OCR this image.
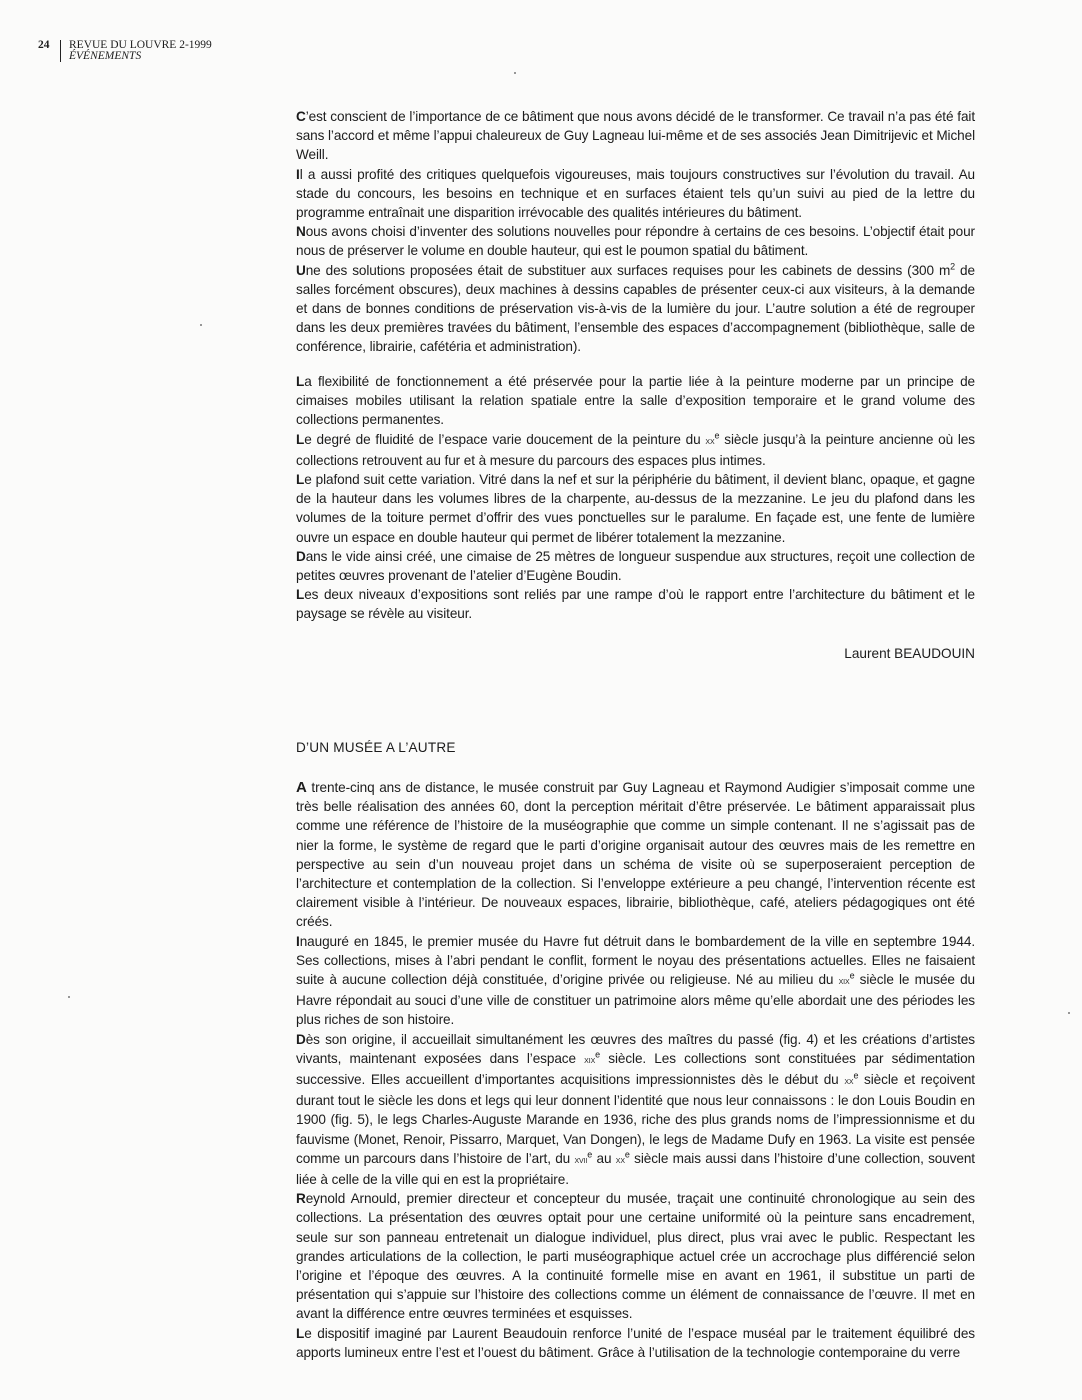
24 REVUE DU LOUVRE 2-1999
ÉVÉNEMENTS

C’est conscient de l’importance de ce bâtiment que nous avons décidé de le transformer. Ce travail n’a pas été fait sans l’accord et même l’appui chaleureux de Guy Lagneau lui-même et de ses associés Jean Dimitrijevic et Michel Weill.

Il a aussi profité des critiques quelquefois vigoureuses, mais toujours constructives sur l’évolution du travail. Au stade du concours, les besoins en technique et en surfaces étaient tels qu’un suivi au pied de la lettre du programme entraînait une disparition irrévocable des qualités intérieures du bâtiment.

Nous avons choisi d’inventer des solutions nouvelles pour répondre à certains de ces besoins. L’objectif était pour nous de préserver le volume en double hauteur, qui est le poumon spatial du bâtiment.

Une des solutions proposées était de substituer aux surfaces requises pour les cabinets de dessins (300 $m^2$ de salles forcément obscures), deux machines à dessins capables de présenter ceux-ci aux visiteurs, à la demande et dans de bonnes conditions de préservation vis-à-vis de la lumière du jour. L’autre solution a été de regrouper dans les deux premières travées du bâtiment, l’ensemble des espaces d’accompagnement (bibliothèque, salle de conférence, librairie, cafétéria et administration).

La flexibilité de fonctionnement a été préservée pour la partie liée à la peinture moderne par un principe de cimaises mobiles utilisant la relation spatiale entre la salle d’exposition temporaire et le grand volume des collections permanentes.

Le degré de fluidité de l’espace varie doucement de la peinture du $xx^e$ siècle jusqu’à la peinture ancienne où les collections retrouvent au fur et à mesure du parcours des espaces plus intimes.

Le plafond suit cette variation. Vitré dans la nef et sur la périphérie du bâtiment, il devient blanc, opaque, et gagne de la hauteur dans les volumes libres de la charpente, au-dessus de la mezzanine. Le jeu du plafond dans les volumes de la toiture permet d’offrir des vues ponctuelles sur le paralume. En façade est, une fente de lumière ouvre un espace en double hauteur qui permet de libérer totalement la mezzanine.

Dans le vide ainsi créé, une cimaise de 25 mètres de longueur suspendue aux structures, reçoit une collection de petites œuvres provenant de l’atelier d’Eugène Boudin.

Les deux niveaux d’expositions sont reliés par une rampe d’où le rapport entre l’architecture du bâtiment et le paysage se révèle au visiteur.

Laurent BEAUDOUIN
D’UN MUSÉE A L’AUTRE

A trente-cinq ans de distance, le musée construit par Guy Lagneau et Raymond Audigier s’imposait comme une très belle réalisation des années 60, dont la perception méritait d’être préservée. Le bâtiment apparaissait plus comme une référence de l’histoire de la muséographie que comme un simple contenant. Il ne s’agissait pas de nier la forme, le système de regard que le parti d’origine organisait autour des œuvres mais de les remettre en perspective au sein d’un nouveau projet dans un schéma de visite où se superposeraient perception de l’architecture et contemplation de la collection. Si l’enveloppe extérieure a peu changé, l’intervention récente est clairement visible à l’intérieur. De nouveaux espaces, librairie, bibliothèque, café, ateliers pédagogiques ont été créés.

Inauguré en 1845, le premier musée du Havre fut détruit dans le bombardement de la ville en septembre 1944. Ses collections, mises à l’abri pendant le conflit, forment le noyau des présentations actuelles. Elles ne faisaient suite à aucune collection déjà constituée, d’origine privée ou religieuse. Né au milieu du xix$^e$ siècle le musée du Havre répondait au souci d’une ville de constituer un patrimoine alors même qu’elle abordait une des périodes les plus riches de son histoire.

Dès son origine, il accueillait simultanément les œuvres des maîtres du passé (fig. 4) et les créations d’artistes vivants, maintenant exposées dans l’espace xix$^e$ siècle. Les collections sont constituées par sédimentation successive. Elles accueillent d’importantes acquisitions impressionnistes dès le début du $xx^e$ siècle et reçoivent durant tout le siècle les dons et legs qui leur donnent l’identité que nous leur connaissons : le don Louis Boudin en 1900 (fig. 5), le legs Charles-Auguste Marande en 1936, riche des plus grands noms de l’impressionnisme et du fauvisme (Monet, Renoir, Pissarro, Marquet, Van Dongen), le legs de Madame Dufy en 1963. La visite est pensée comme un parcours dans l’histoire de l’art, du xvii$^e$ au $xx^e$ siècle mais aussi dans l’histoire d’une collection, souvent liée à celle de la ville qui en est la propriétaire.

Reynold Arnould, premier directeur et concepteur du musée, traçait une continuité chronologique au sein des collections. La présentation des œuvres optait pour une certaine uniformité où la peinture sans encadrement, seule sur son panneau entretenait un dialogue individuel, plus direct, plus vrai avec le public. Respectant les grandes articulations de la collection, le parti muséographique actuel crée un accrochage plus différencié selon l’origine et l’époque des œuvres. A la continuité formelle mise en avant en 1961, il substitue un parti de présentation qui s’appuie sur l’histoire des collections comme un élément de connaissance de l’œuvre. Il met en avant la différence entre œuvres terminées et esquisses.

Le dispositif imaginé par Laurent Beaudouin renforce l’unité de l’espace muséal par le traitement équilibré des apports lumineux entre l’est et l’ouest du bâtiment. Grâce à l’utilisation de la technologie contemporaine du verre
